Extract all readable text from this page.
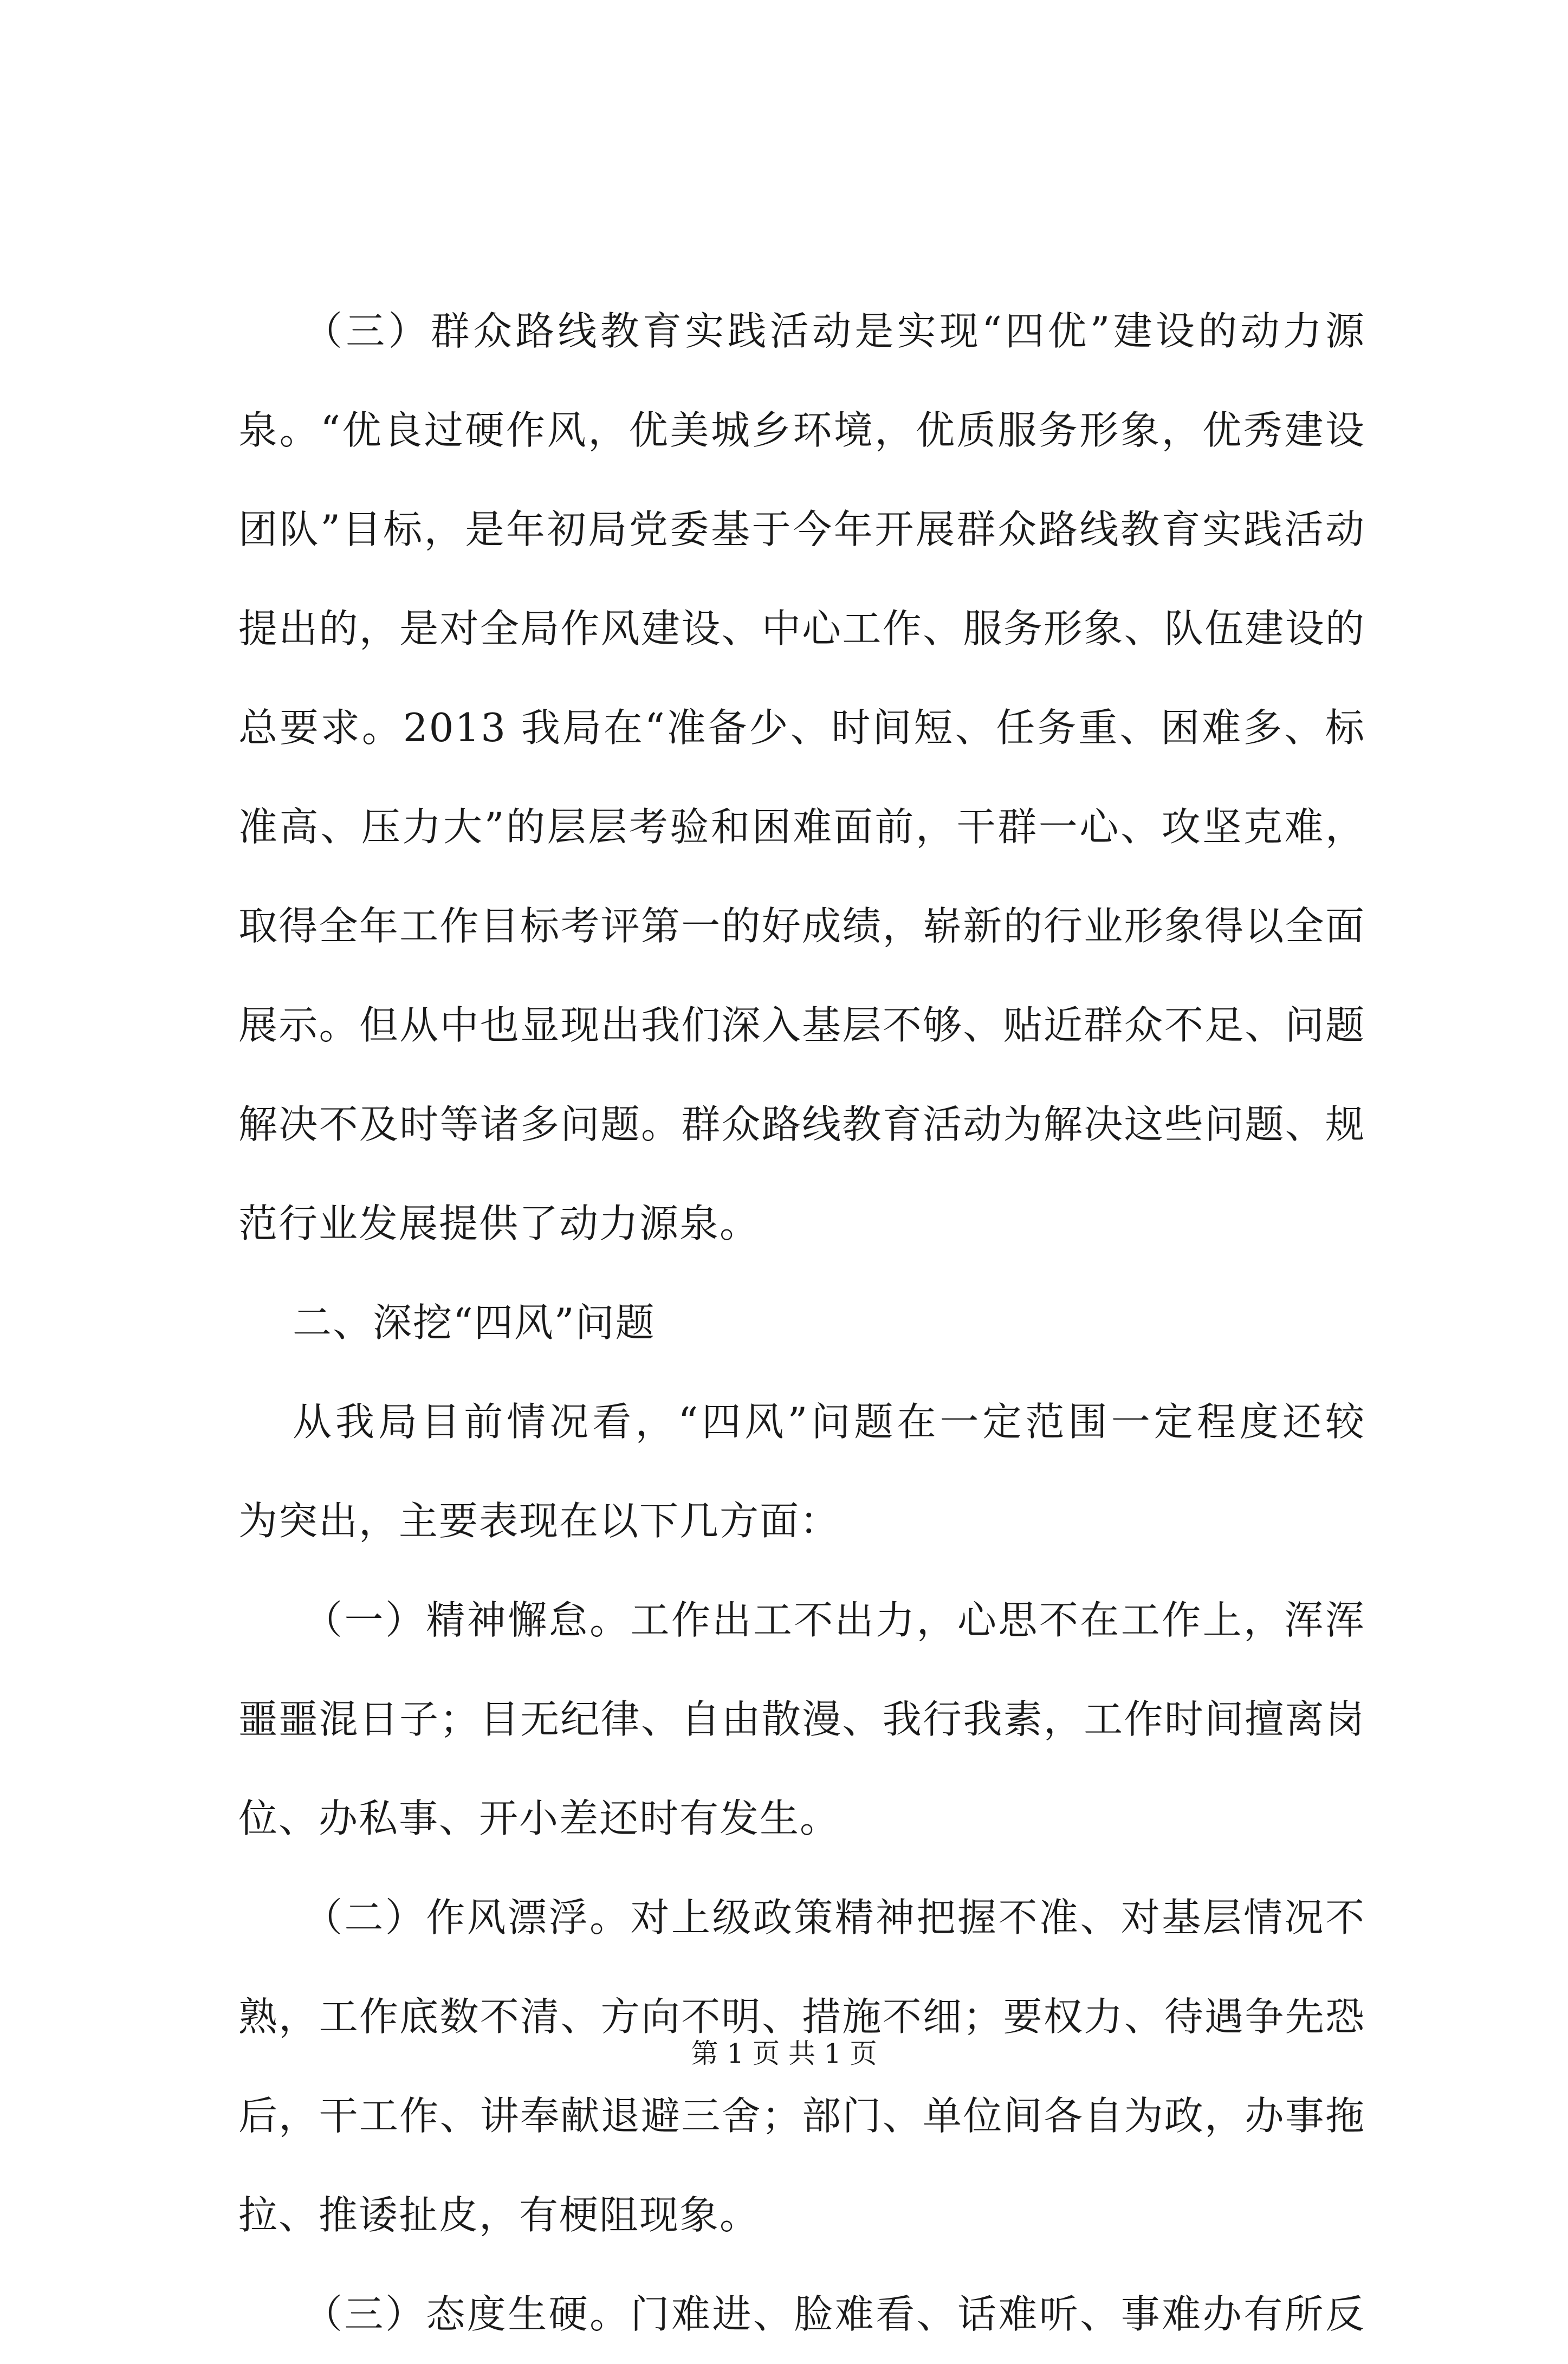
（三）群众路线教育实践活动是实现“四优”建设的动力源
泉。“优良过硬作风，优美城乡环境，优质服务形象，优秀建设
团队”目标，是年初局党委基于今年开展群众路线教育实践活动
提出的，是对全局作风建设、中心工作、服务形象、队伍建设的
总要求。2013 我局在“准备少、时间短、任务重、困难多、标
准高、压力大”的层层考验和困难面前，干群一心、攻坚克难，
取得全年工作目标考评第一的好成绩，崭新的行业形象得以全面
展示。但从中也显现出我们深入基层不够、贴近群众不足、问题
解决不及时等诸多问题。群众路线教育活动为解决这些问题、规
范行业发展提供了动力源泉。
二、深挖“四风”问题
从我局目前情况看，“四风”问题在一定范围一定程度还较
为突出，主要表现在以下几方面：
（一）精神懈怠。工作出工不出力，心思不在工作上，浑浑
噩噩混日子；目无纪律、自由散漫、我行我素，工作时间擅离岗
位、办私事、开小差还时有发生。
（二）作风漂浮。对上级政策精神把握不准、对基层情况不
熟，工作底数不清、方向不明、措施不细；要权力、待遇争先恐
后，干工作、讲奉献退避三舍；部门、单位间各自为政，办事拖
拉、推诿扯皮，有梗阻现象。
（三）态度生硬。门难进、脸难看、话难听、事难办有所反
第 1 页 共 1 页
